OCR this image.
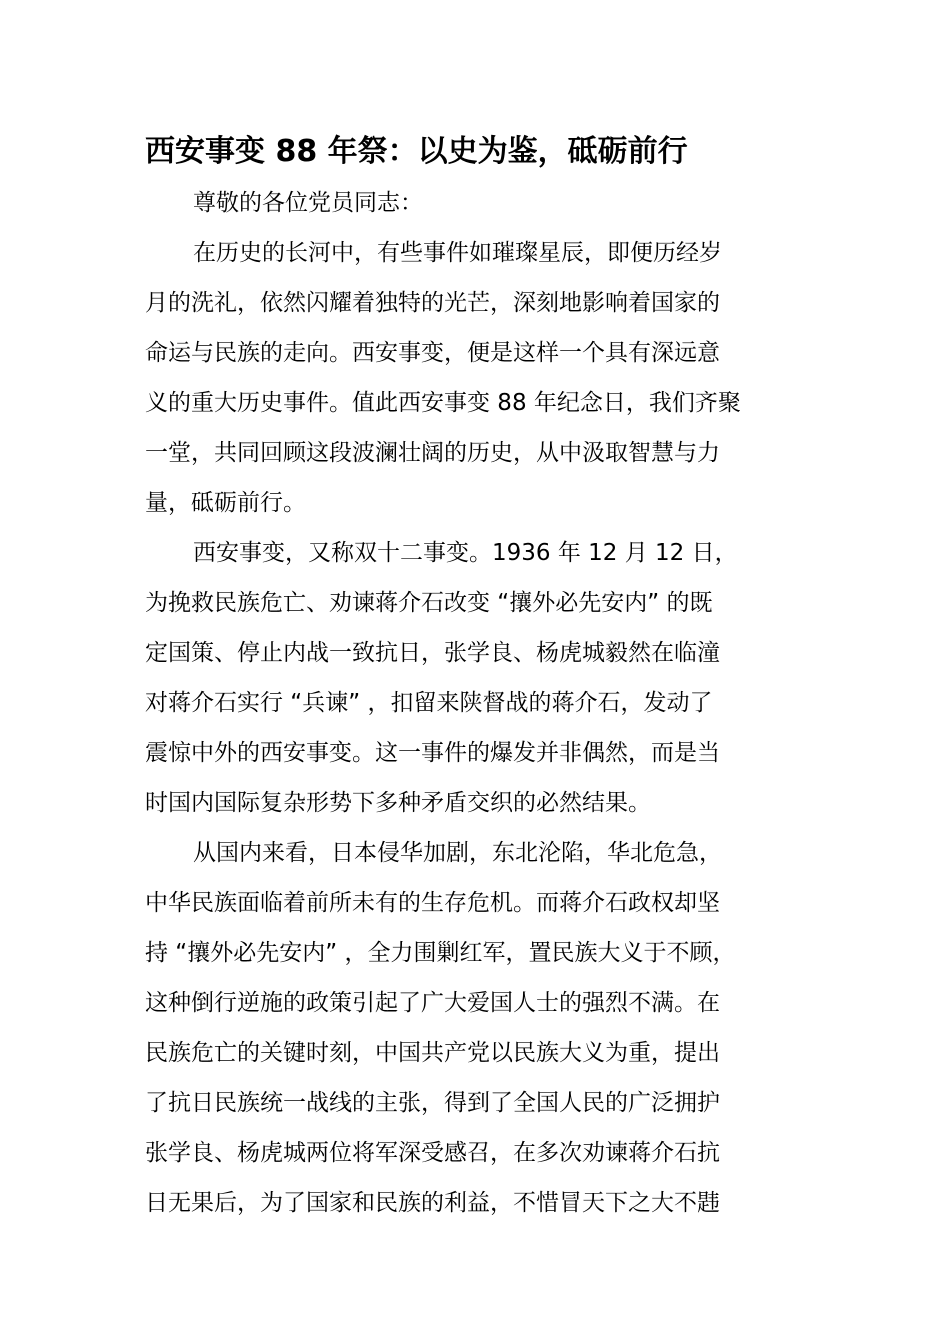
西安事变 88 年祭：以史为鉴，砥砺前行

尊敬的各位党员同志：

在历史的长河中，有些事件如璀璨星辰，即便历经岁
月的洗礼，依然闪耀着独特的光芒，深刻地影响着国家的
命运与民族的走向。西安事变，便是这样一个具有深远意
义的重大历史事件。值此西安事变 88 年纪念日，我们齐聚
一堂，共同回顾这段波澜壮阔的历史，从中汲取智慧与力
量，砥砺前行。

西安事变，又称双十二事变。1936 年 12 月 12 日，
为挽救民族危亡、劝谏蒋介石改变 “攘外必先安内” 的既
定国策、停止内战一致抗日，张学良、杨虎城毅然在临潼
对蒋介石实行 “兵谏” ，扣留来陕督战的蒋介石，发动了
震惊中外的西安事变。这一事件的爆发并非偶然，而是当
时国内国际复杂形势下多种矛盾交织的必然结果。

从国内来看，日本侵华加剧，东北沦陷，华北危急，
中华民族面临着前所未有的生存危机。而蒋介石政权却坚
持 “攘外必先安内” ，全力围剿红军，置民族大义于不顾，
这种倒行逆施的政策引起了广大爱国人士的强烈不满。在
民族危亡的关键时刻，中国共产党以民族大义为重，提出
了抗日民族统一战线的主张，得到了全国人民的广泛拥护
张学良、杨虎城两位将军深受感召，在多次劝谏蒋介石抗
日无果后，为了国家和民族的利益，不惜冒天下之大不韪
